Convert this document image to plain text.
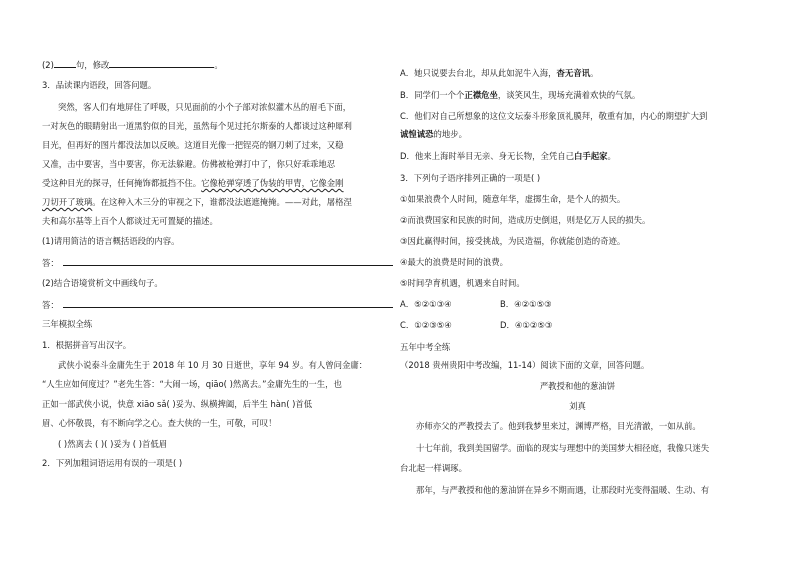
(2)	句，修改	。
3．品读课内语段，回答问题。
突然，客人们有地屏住了呼吸，只见面前的小个子部对浓似灌木丛的眉毛下面，
一对灰色的眼睛射出一道黑豹似的目光，虽然每个见过托尔斯泰的人都谈过这种犀利
目光，但再好的图片都没法加以反映。这道目光像一把锃亮的钢刀刺了过来，又稳
又准，击中要害，当中要害，你无法躲避。仿佛被枪弹打中了，你只好乖乖地忍
受这种目光的探寻，任何掩饰都抵挡不住。它像枪弹穿透了伪装的甲胄，它像金刚
刀切开了玻璃。在这种入木三分的审视之下，谁都没法遮遮掩掩。——对此，屠格涅
夫和高尔基等上百个人都谈过无可置疑的描述。
(1)请用简洁的语言概括语段的内容。
答：
(2)结合语境赏析文中画线句子。
答：
三年模拟全练
1．根据拼音写出汉字。
武侠小说泰斗金庸先生于 2018 年 10 月 30 日逝世，享年 94 岁。有人曾问金庸：
“人生应如何度过？”老先生答：“大闹一场，qiāo( )然离去。”金庸先生的一生，也
正如一部武侠小说，快意 xiāo sǎ( )妥为、纵横捭阖，后半生 hàn( )首低
眉、心怀敬畏，有不断向学之心。查大侠的一生，可敬，可叹！
( )然离去 ( )( )妥为 ( )首低眉
2．下列加粗词语运用有误的一项是( )
A．她只说要去台北，却从此如泥牛入海，杳无音讯。
B．同学们一个个正襟危坐，谈笑风生，现场充满着欢快的气氛。
C．他们对自己所想象的这位文坛泰斗形象顶礼膜拜，敬重有加，内心的期望扩大到
诚惶诚恐的地步。
D．他来上海时举目无亲、身无长物，全凭自己白手起家。
3．下列句子语序排列正确的一项是( )
①如果浪费个人时间，随意年华，虚掷生命，是个人的损失。
②而浪费国家和民族的时间，造成历史倒退，则是亿万人民的损失。
③因此赢得时间，接受挑战，为民造福，你就能创造的奇迹。
④最大的浪费是时间的浪费。
⑤时间孕育机遇，机遇来自时间。
A．⑤②①③④	B．④②①⑤③
C．①②③⑤④	D．④①②⑤③
五年中考全练
（2018 贵州贵阳中考改编，11-14）阅读下面的文章，回答问题。
严教授和他的葱油饼
刘真
亦师亦父的严教授去了。他到我梦里来过，渊博严格，目光清澈，一如从前。
十七年前，我到美国留学。面临的现实与理想中的美国梦大相径庭，我像只迷失
台北起一样调琢。
那年，与严教授和他的葱油饼在异乡不期而遇，让那段时光变得温暖、生动、有
